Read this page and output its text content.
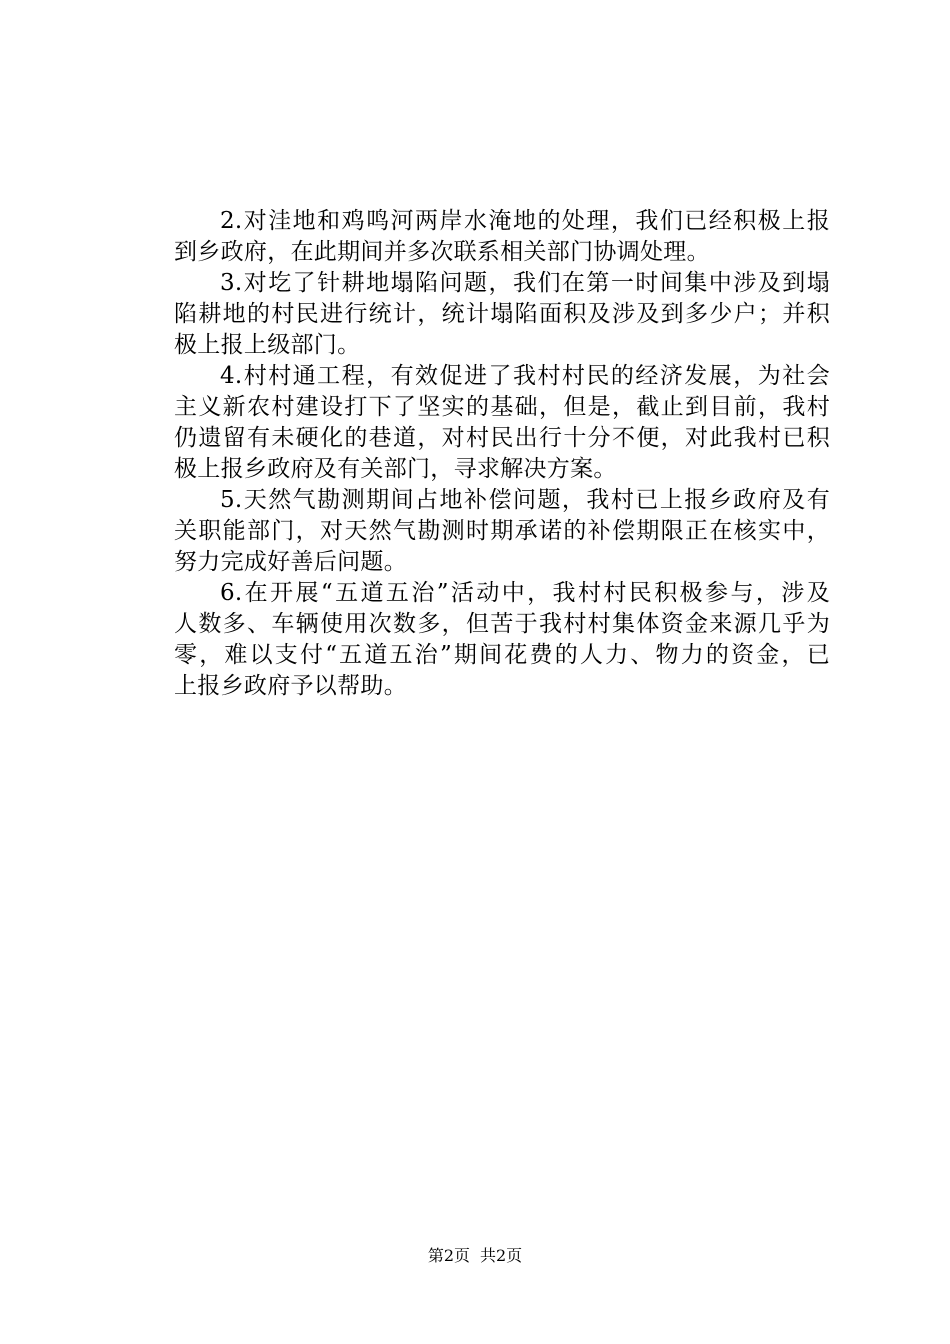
2.对洼地和鸡鸣河两岸水淹地的处理，我们已经积极上报
到乡政府，在此期间并多次联系相关部门协调处理。
3.对圪了针耕地塌陷问题，我们在第一时间集中涉及到塌
陷耕地的村民进行统计，统计塌陷面积及涉及到多少户；并积
极上报上级部门。
4.村村通工程，有效促进了我村村民的经济发展，为社会
主义新农村建设打下了坚实的基础，但是，截止到目前，我村
仍遗留有未硬化的巷道，对村民出行十分不便，对此我村已积
极上报乡政府及有关部门，寻求解决方案。
5.天然气勘测期间占地补偿问题，我村已上报乡政府及有
关职能部门，对天然气勘测时期承诺的补偿期限正在核实中，
努力完成好善后问题。
6.在开展“五道五治”活动中，我村村民积极参与，涉及
人数多、车辆使用次数多，但苦于我村村集体资金来源几乎为
零，难以支付“五道五治”期间花费的人力、物力的资金，已
上报乡政府予以帮助。
第2页 共2页
